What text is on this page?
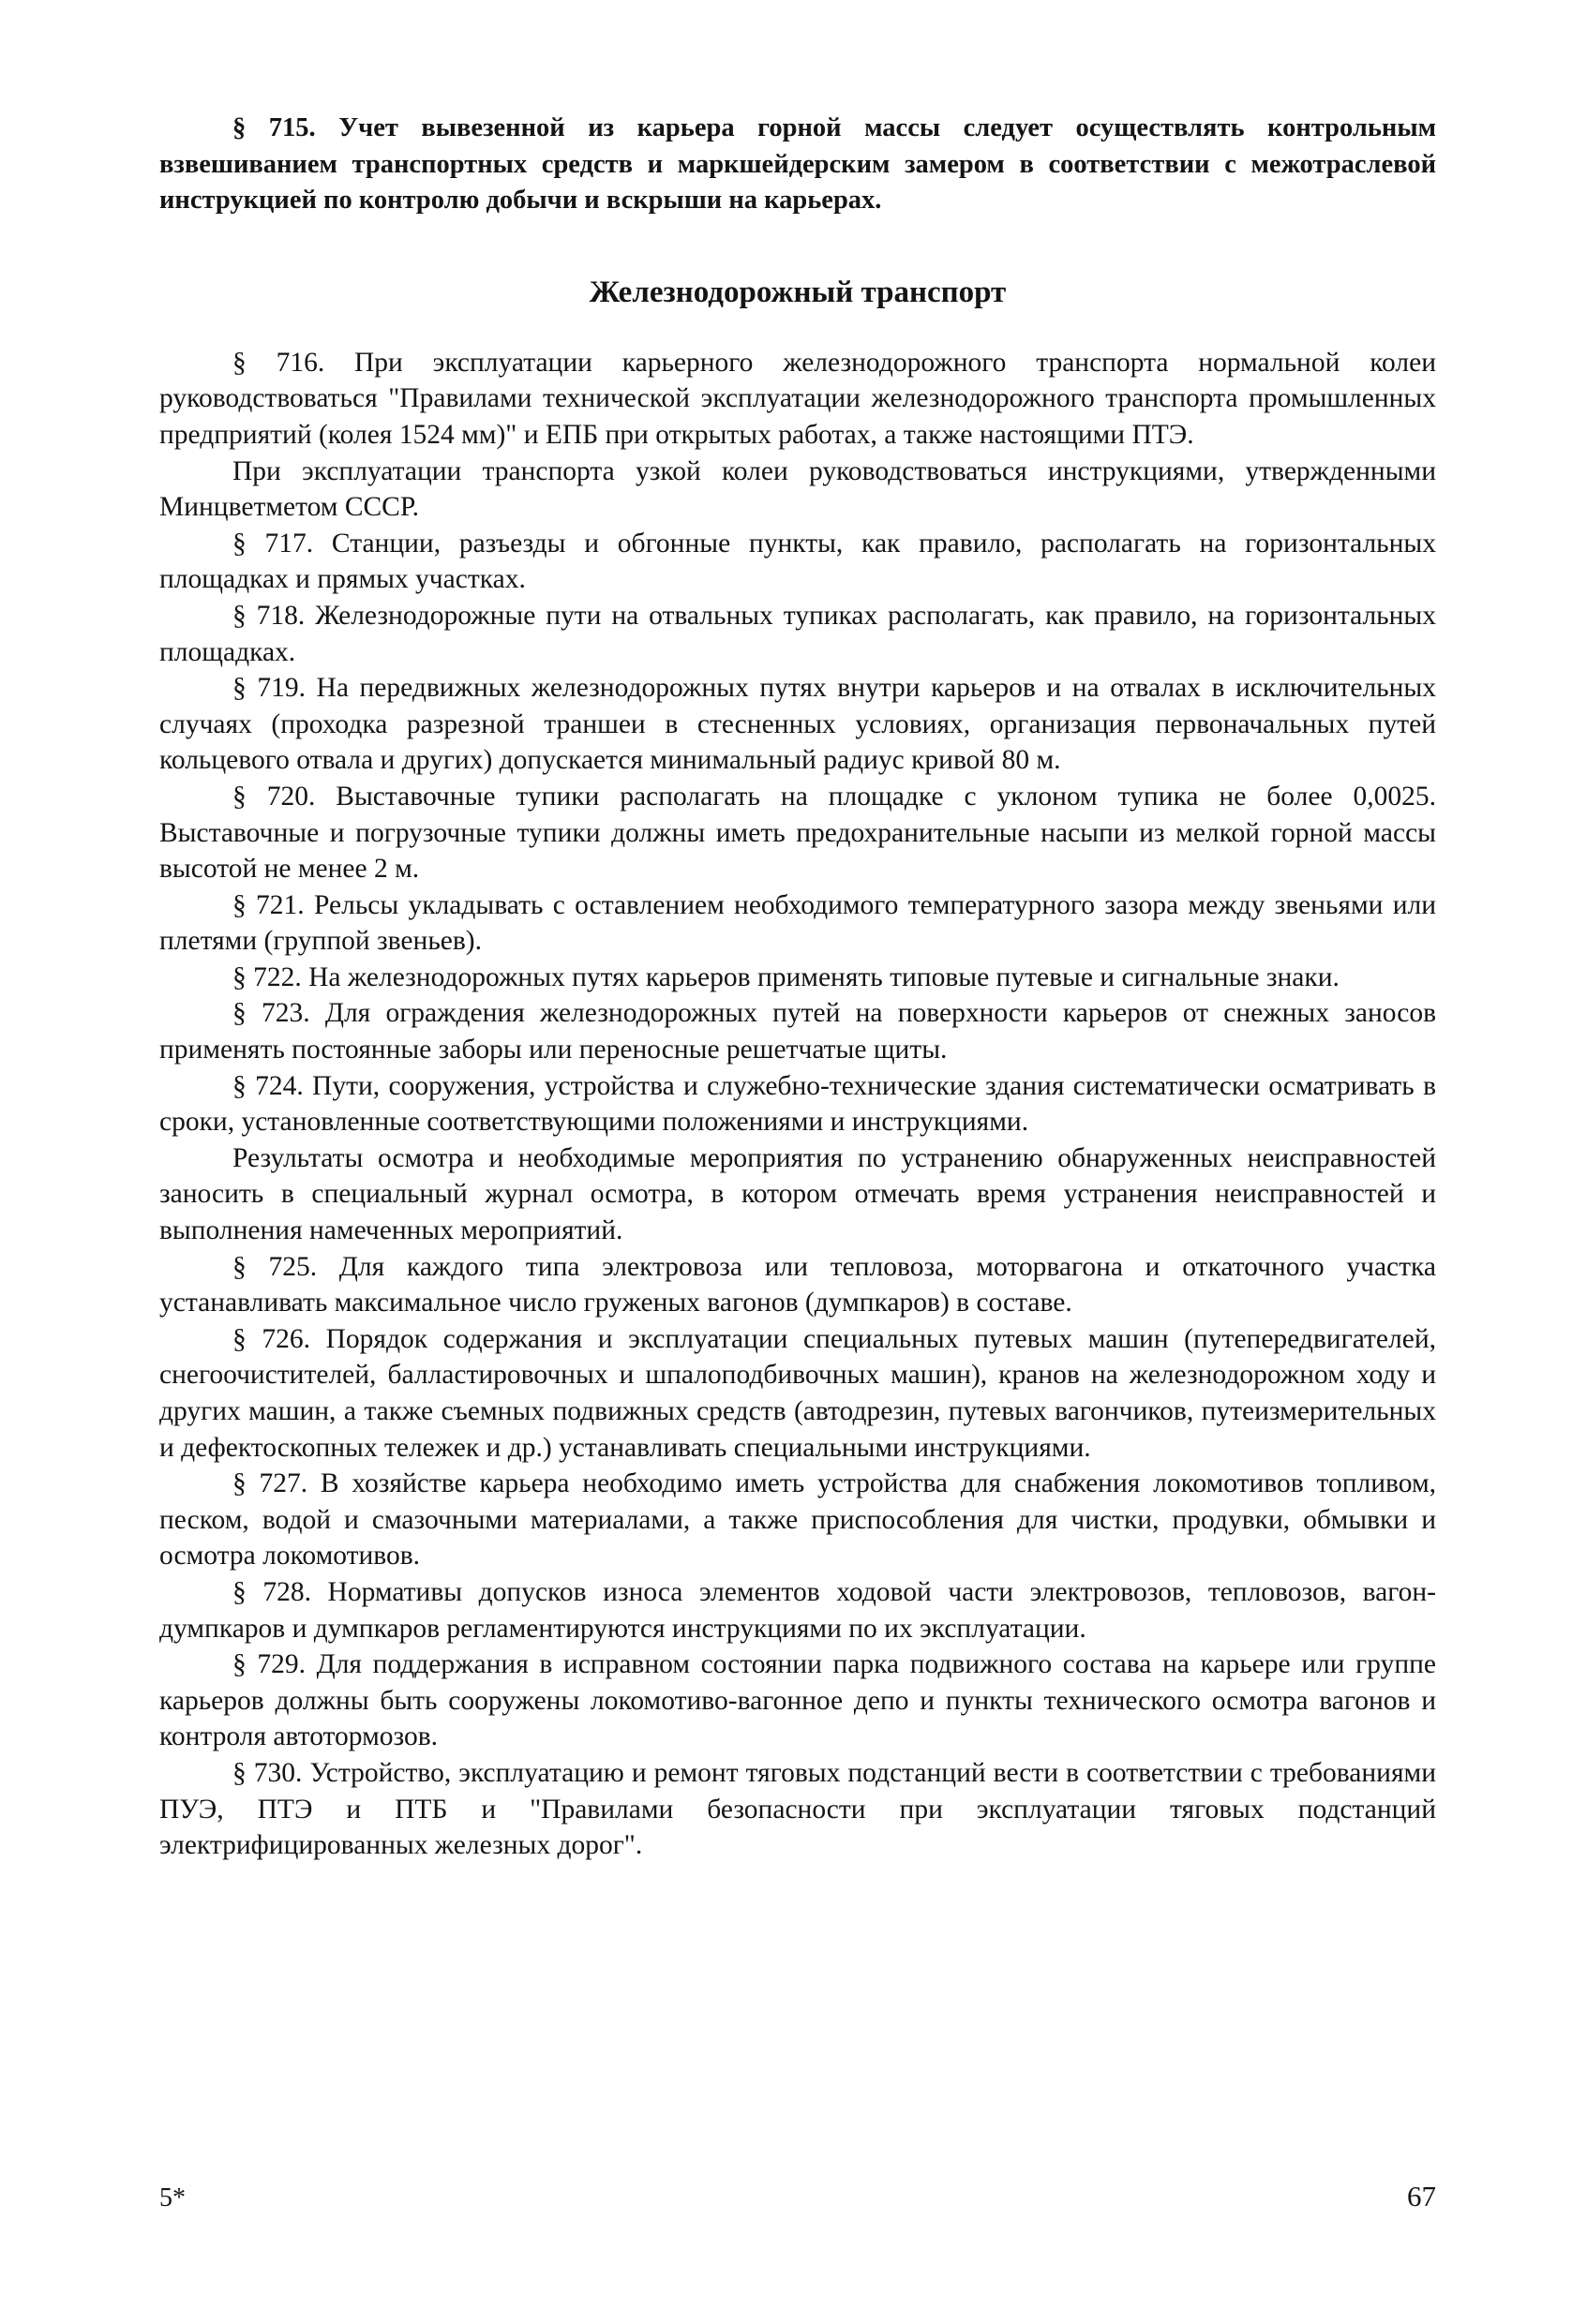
§ 715. Учет вывезенной из карьера горной массы следует осуществлять контрольным взвешиванием транспортных средств и маркшейдерским замером в соответствии с межотраслевой инструкцией по контролю добычи и вскрыши на карьерах.

Железнодорожный транспорт

§ 716. При эксплуатации карьерного железнодорожного транспорта нормальной колеи руководствоваться "Правилами технической эксплуатации железнодорожного транспорта промышленных предприятий (колея 1524 мм)" и ЕПБ при открытых работах, а также настоящими ПТЭ.

При эксплуатации транспорта узкой колеи руководствоваться инструкциями, утвержденными Минцветметом СССР.

§ 717. Станции, разъезды и обгонные пункты, как правило, располагать на горизонтальных площадках и прямых участках.

§ 718. Железнодорожные пути на отвальных тупиках располагать, как правило, на горизонтальных площадках.

§ 719. На передвижных железнодорожных путях внутри карьеров и на отвалах в исключительных случаях (проходка разрезной траншеи в стесненных условиях, организация первоначальных путей кольцевого отвала и других) допускается минимальный радиус кривой 80 м.

§ 720. Выставочные тупики располагать на площадке с уклоном тупика не более 0,0025. Выставочные и погрузочные тупики должны иметь предохранительные насыпи из мелкой горной массы высотой не менее 2 м.

§ 721. Рельсы укладывать с оставлением необходимого температурного зазора между звеньями или плетями (группой звеньев).

§ 722. На железнодорожных путях карьеров применять типовые путевые и сигнальные знаки.

§ 723. Для ограждения железнодорожных путей на поверхности карьеров от снежных заносов применять постоянные заборы или переносные решетчатые щиты.

§ 724. Пути, сооружения, устройства и служебно-технические здания систематически осматривать в сроки, установленные соответствующими положениями и инструкциями.

Результаты осмотра и необходимые мероприятия по устранению обнаруженных неисправностей заносить в специальный журнал осмотра, в котором отмечать время устранения неисправностей и выполнения намеченных мероприятий.

§ 725. Для каждого типа электровоза или тепловоза, моторвагона и откаточного участка устанавливать максимальное число груженых вагонов (думпкаров) в составе.

§ 726. Порядок содержания и эксплуатации специальных путевых машин (путепередвигателей, снегоочистителей, балластировочных и шпалоподбивочных машин), кранов на железнодорожном ходу и других машин, а также съемных подвижных средств (автодрезин, путевых вагончиков, путеизмерительных и дефектоскопных тележек и др.) устанавливать специальными инструкциями.

§ 727. В хозяйстве карьера необходимо иметь устройства для снабжения локомотивов топливом, песком, водой и смазочными материалами, а также приспособления для чистки, продувки, обмывки и осмотра локомотивов.

§ 728. Нормативы допусков износа элементов ходовой части электровозов, тепловозов, вагон-думпкаров и думпкаров регламентируются инструкциями по их эксплуатации.

§ 729. Для поддержания в исправном состоянии парка подвижного состава на карьере или группе карьеров должны быть сооружены локомотиво-вагонное депо и пункты технического осмотра вагонов и контроля автотормозов.

§ 730. Устройство, эксплуатацию и ремонт тяговых подстанций вести в соответствии с требованиями ПУЭ, ПТЭ и ПТБ и "Правилами безопасности при эксплуатации тяговых подстанций электрифицированных железных дорог".

5*	67
